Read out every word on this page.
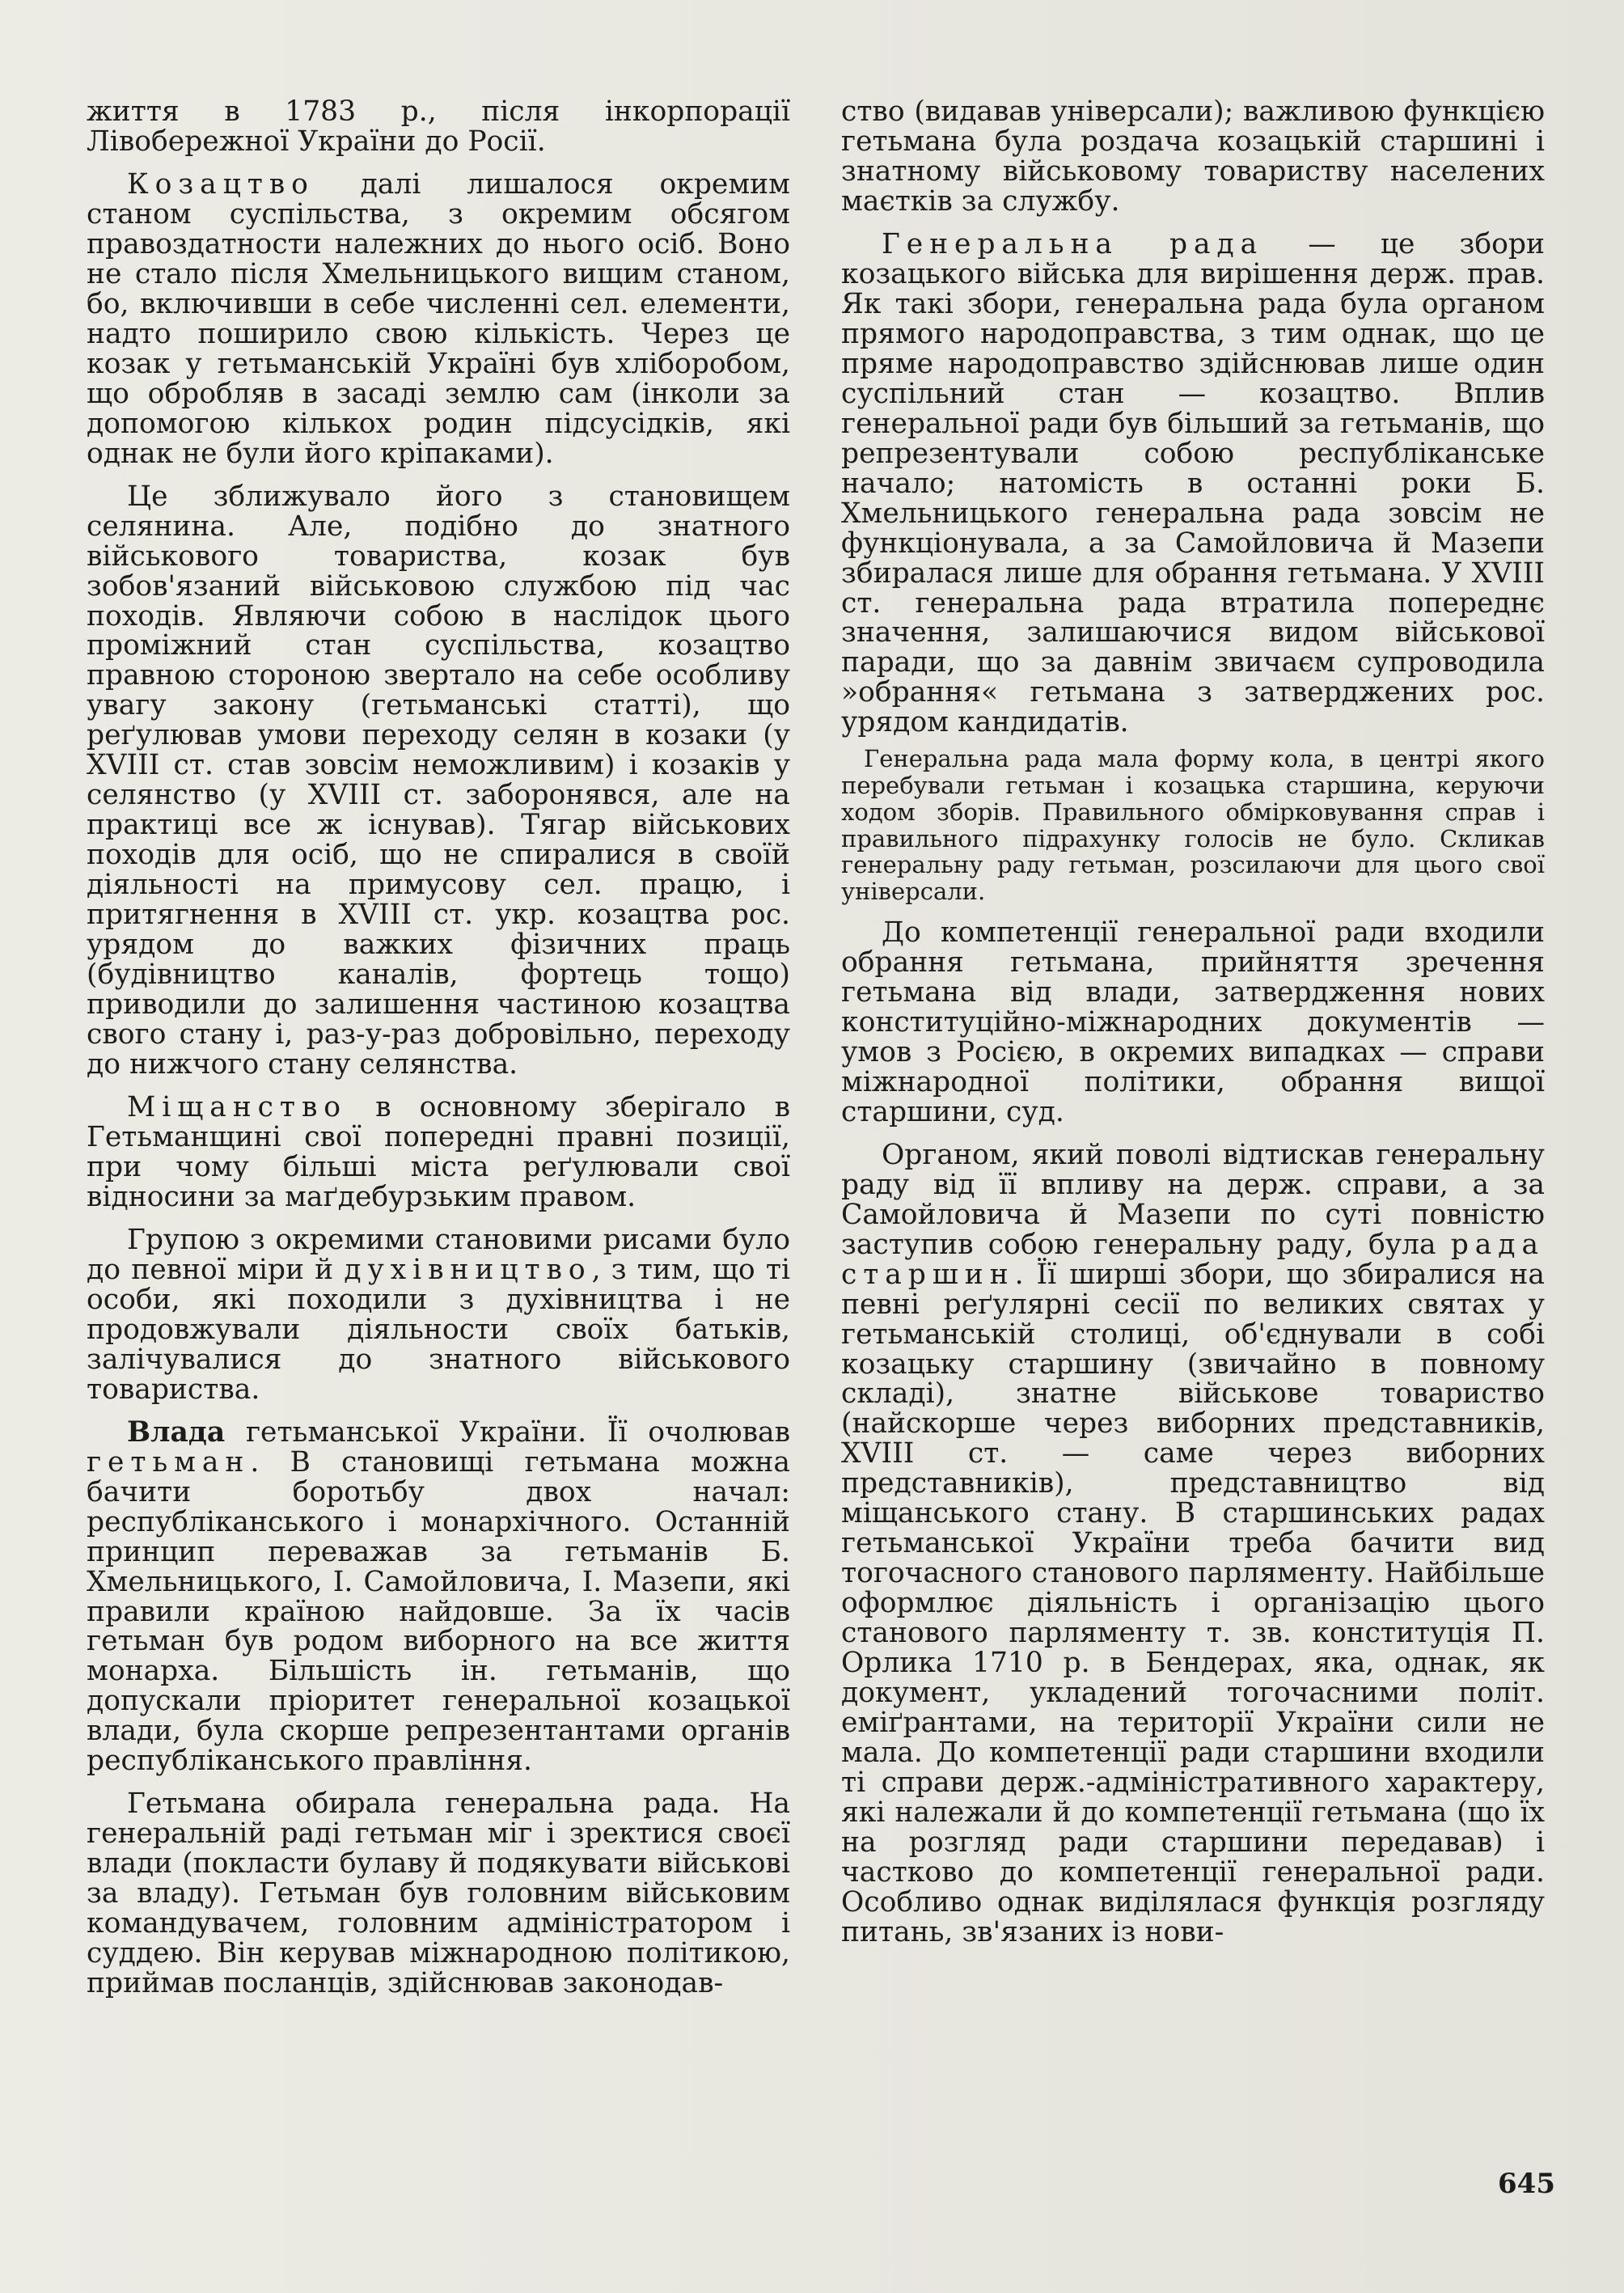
життя в 1783 р., після інкорпорації Лівобережної України до Росії.

Козацтво далі лишалося окремим станом суспільства, з окремим обсягом правоздатности належних до нього осіб. Воно не стало після Хмельницького вищим станом, бо, включивши в себе численні сел. елементи, надто поширило свою кількість. Через це козак у гетьманській Україні був хліборобом, що обробляв в засаді землю сам (інколи за допомогою кількох родин підсусідків, які однак не були його кріпаками).

Це зближувало його з становищем селянина. Але, подібно до знатного військового товариства, козак був зобов'язаний військовою службою під час походів. Являючи собою в наслідок цього проміжний стан суспільства, козацтво правною стороною звертало на себе особливу увагу закону (гетьманські статті), що реґулював умови переходу селян в козаки (у XVIII ст. став зовсім неможливим) і козаків у селянство (у XVIII ст. заборонявся, але на практиці все ж існував). Тягар військових походів для осіб, що не спиралися в своїй діяльності на примусову сел. працю, і притягнення в XVIII ст. укр. козацтва рос. урядом до важких фізичних праць (будівництво каналів, фортець тощо) приводили до залишення частиною козацтва свого стану і, раз-у-раз добровільно, переходу до нижчого стану селянства.

Міщанство в основному зберігало в Гетьманщині свої попередні правні позиції, при чому більші міста реґулювали свої відносини за маґдебурзьким правом.

Групою з окремими становими рисами було до певної міри й духівництво, з тим, що ті особи, які походили з духівництва і не продовжували діяльности своїх батьків, залічувалися до знатного військового товариства.

Влада гетьманської України. Її очолював гетьман. В становищі гетьмана можна бачити боротьбу двох начал: республіканського і монархічного. Останній принцип переважав за гетьманів Б. Хмельницького, І. Самойловича, І. Мазепи, які правили країною найдовше. За їх часів гетьман був родом виборного на все життя монарха. Більшість ін. гетьманів, що допускали пріоритет генеральної козацької влади, була скорше репрезентантами органів республіканського правління.

Гетьмана обирала генеральна рада. На генеральній раді гетьман міг і зректися своєї влади (покласти булаву й подякувати військові за владу). Гетьман був головним військовим командувачем, головним адміністратором і суддею. Він керував міжнародною політикою, приймав посланців, здійснював законодав-

ство (видавав універсали); важливою функцією гетьмана була роздача козацькій старшині і знатному військовому товариству населених маєтків за службу.

Генеральна рада — це збори козацького війська для вирішення держ. прав. Як такі збори, генеральна рада була органом прямого народоправства, з тим однак, що це пряме народоправство здійснював лише один суспільний стан — козацтво. Вплив генеральної ради був більший за гетьманів, що репрезентували собою республіканське начало; натомість в останні роки Б. Хмельницького генеральна рада зовсім не функціонувала, а за Самойловича й Мазепи збиралася лише для обрання гетьмана. У XVIII ст. генеральна рада втратила попереднє значення, залишаючися видом військової паради, що за давнім звичаєм супроводила »обрання« гетьмана з затверджених рос. урядом кандидатів.

Генеральна рада мала форму кола, в центрі якого перебували гетьман і козацька старшина, керуючи ходом зборів. Правильного обмірковування справ і правильного підрахунку голосів не було. Скликав генеральну раду гетьман, розсилаючи для цього свої універсали.

До компетенції генеральної ради входили обрання гетьмана, прийняття зречення гетьмана від влади, затвердження нових конституційно-міжнародних документів — умов з Росією, в окремих випадках — справи міжнародної політики, обрання вищої старшини, суд.

Органом, який поволі відтискав генеральну раду від її впливу на держ. справи, а за Самойловича й Мазепи по суті повністю заступив собою генеральну раду, була рада старшин. Її ширші збори, що збиралися на певні реґулярні сесії по великих святах у гетьманській столиці, об'єднували в собі козацьку старшину (звичайно в повному складі), знатне військове товариство (найскорше через виборних представників, XVIII ст. — саме через виборних представників), представництво від міщанського стану. В старшинських радах гетьманської України треба бачити вид тогочасного станового парляменту. Найбільше оформлює діяльність і організацію цього станового парляменту т. зв. конституція П. Орлика 1710 р. в Бендерах, яка, однак, як документ, укладений тогочасними політ. еміґрантами, на території України сили не мала. До компетенції ради старшини входили ті справи держ.-адміністративного характеру, які належали й до компетенції гетьмана (що їх на розгляд ради старшини передавав) і частково до компетенції генеральної ради. Особливо однак виділялася функція розгляду питань, зв'язаних із нови-

645
